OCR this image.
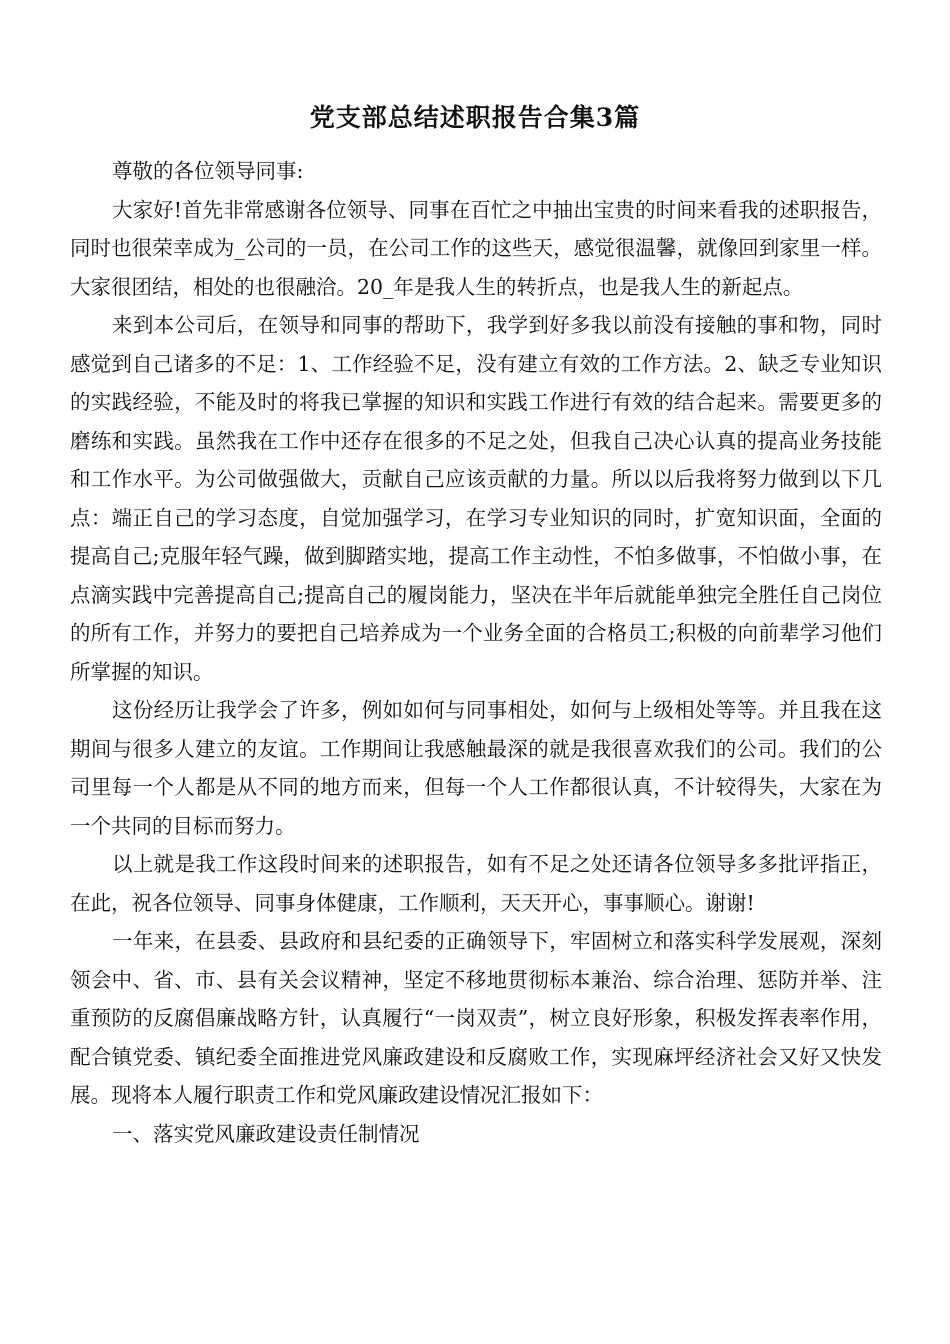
党支部总结述职报告合集3篇

尊敬的各位领导同事:

大家好!首先非常感谢各位领导、同事在百忙之中抽出宝贵的时间来看我的述职报告，同时也很荣幸成为_公司的一员，在公司工作的这些天，感觉很温馨，就像回到家里一样。大家很团结，相处的也很融洽。20_年是我人生的转折点，也是我人生的新起点。

来到本公司后，在领导和同事的帮助下，我学到好多我以前没有接触的事和物，同时感觉到自己诸多的不足：1、工作经验不足，没有建立有效的工作方法。2、缺乏专业知识的实践经验，不能及时的将我已掌握的知识和实践工作进行有效的结合起来。需要更多的磨练和实践。虽然我在工作中还存在很多的不足之处，但我自己决心认真的提高业务技能和工作水平。为公司做强做大，贡献自己应该贡献的力量。所以以后我将努力做到以下几点：端正自己的学习态度，自觉加强学习，在学习专业知识的同时，扩宽知识面，全面的提高自己;克服年轻气躁，做到脚踏实地，提高工作主动性，不怕多做事，不怕做小事，在点滴实践中完善提高自己;提高自己的履岗能力，坚决在半年后就能单独完全胜任自己岗位的所有工作，并努力的要把自己培养成为一个业务全面的合格员工;积极的向前辈学习他们所掌握的知识。

这份经历让我学会了许多，例如如何与同事相处，如何与上级相处等等。并且我在这期间与很多人建立的友谊。工作期间让我感触最深的就是我很喜欢我们的公司。我们的公司里每一个人都是从不同的地方而来，但每一个人工作都很认真，不计较得失，大家在为一个共同的目标而努力。

以上就是我工作这段时间来的述职报告，如有不足之处还请各位领导多多批评指正，在此，祝各位领导、同事身体健康，工作顺利，天天开心，事事顺心。谢谢!

一年来，在县委、县政府和县纪委的正确领导下，牢固树立和落实科学发展观，深刻领会中、省、市、县有关会议精神，坚定不移地贯彻标本兼治、综合治理、惩防并举、注重预防的反腐倡廉战略方针，认真履行“一岗双责”，树立良好形象，积极发挥表率作用，配合镇党委、镇纪委全面推进党风廉政建设和反腐败工作，实现麻坪经济社会又好又快发展。现将本人履行职责工作和党风廉政建设情况汇报如下：

一、落实党风廉政建设责任制情况
